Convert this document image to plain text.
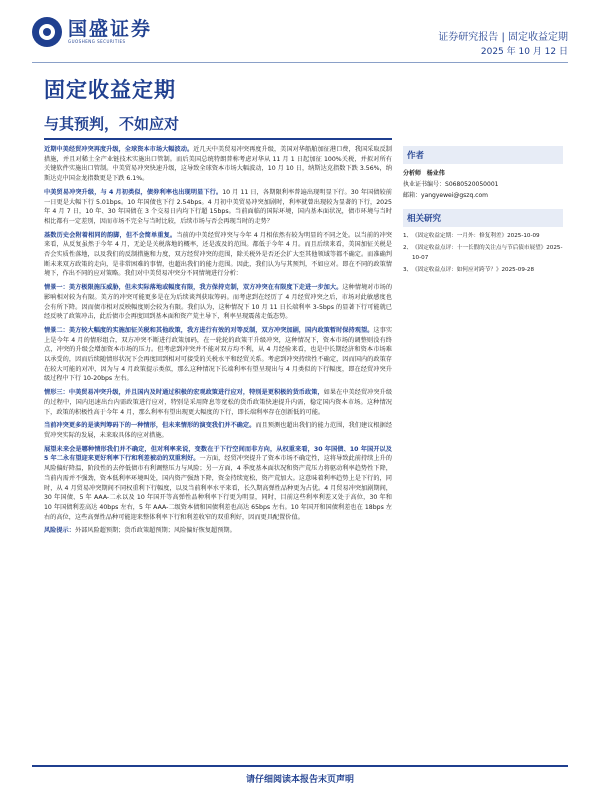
国盛证券
GUOSHENG SECURITIES	证券研究报告 | 固定收益定期
2025 年 10 月 12 日
固定收益定期
与其预判，不如应对

近期中美经贸冲突再度升级，全球资本市场大幅波动。近几天中美贸易冲突再度升级，美国对华船舶加征港口费，我国采取反制措施，并且对稀土全产业链技术实施出口管制。而后美国总统特朗普称考虑对华从 11 月 1 日起加征 100%关税，并拟对所有关键软件实施出口管制。中美贸易冲突快速升级，这导致全球资本市场大幅波动，10 月 10 日，纳斯达克指数下跌 3.56%，纳斯达克中国金龙指数更是下跌 6.1%。

中美贸易冲突升级，与 4 月初类似，债券利率也出现明显下行。10 月 11 日，各期限利率普遍出现明显下行。30 年国债较前一日更是大幅下行 5.01bps。10 年国债也下行 2.54bps。4 月初中美贸易冲突加剧时，利率就曾出现较为显著的下行，2025 年 4 月 7 日，10 年、30 年国债在 3 个交易日内均下行超 15bps。当前面临的国际环境，国内基本面状况，债市环境与当时相比都有一定差别，因而市场不完全与当时比较，后续市场与否会再现当时的走势？

基数历史会附着相同的韵脚，但不会简单重复。当前的中美经贸冲突与今年 4 月相依然有较为明显的不同之处。以当前的冲突来看，从反复虽然于今年 4 月，无论是关税落地的概率，还是波及的范围。都低于今年 4 月。而且后续来看，美国加征关税是否会实质性落地，以及我们的反制措施和力度，双方经贸冲突的范围，除关税外是否还会扩大至其他领域等都不确定。而准确判断未来双方政策的走向，是非常困难的事情，也超出我们的能力范围。因此，我们认为与其预判，不如应对。即在不同的政策情境下，作出不同的应对策略。我们对中美贸易冲突分不同情境进行分析：

情景一：美方极限施压威胁，但未实际落地或幅度有限，我方保持克制，双方冲突在有限度下走进一步加大。这种情境对市场的影响相对较为有限。美方的冲突可能更多是在为后续谈判获取筹码。而考虑到在经历了 4 月经贸冲突之后，市场对此敏感度也会有所下降。因而债市相对反映幅度则会较为有限。我们认为，这种情况下 10 月 11 日长端利率 3-5bps 的显著下行可能就已经反映了政策冲击，此后债市会再度回到基本面和资产荒主导下，利率呈现震荡走低态势。

情景二：美方较大幅度的实施加征关税和其他政策，我方进行有效的对等反制，双方冲突加剧，国内政策暂时保持观望。这事实上是今年 4 月的情形组合，双方冲突不断进行政策加码，在一轮轮的政策干升级冲突，这种情况下，资本市场的调整则没有终点，冲突的升级会增加资本市场的压力。但考虑到冲突并不能对双方均不利，从 4 月经验来看，也是中长期经济和资本市场难以承受的，因而后续随情形状况下会再度回到相对可接受的关税水平和经贸关系。考虑到冲突持续性不确定，因而国内的政策存在较大可能的对冲，因为与 4 月政策提示类似，那么这种情况下长端利率有望呈现出与 4 月类似的下行幅度，即在经贸冲突升级过程中下行 10-20bps 左右。

情形三：中美贸易冲突升级，并且国内及时通过积极的宏观政策进行应对，特别是更积极的货币政策，如果在中美经贸冲突升级的过程中，国内迅速出台内需政策进行应对，特别是采用降息等宽松的货币政策快速提升内需，稳定国内资本市场。这种情况下，政策的积极性高于今年 4 月，那么利率有望出现更大幅度的下行，即长端利率存在创新低的可能。

当前冲突更多的是谈判筹码下的一种情形，但未来情形的演变我们并不确定。而且预测也超出我们的能力范围，我们建议根据经贸冲突实际的发展，未来取具体的应对措施。

展望未来会是哪种情形我们并不确定，但对利率来说，变数在于下行空间而非方向，从权重来看，30 年国债、10 年国开以及 5 年二永有望迎来更好利率下行和利差被动的双重利好。一方面，经贸冲突提升了资本市场不确定性，这将导致此前持续上升的风险偏好降温，阶段性的去停低债市有利调整压力与风险；另一方面，4 季度基本面状况和资产荒压力将驱动利率趋势性下降，当前内需并不强劲，资本低利率环境叫处，国内资产强劲下降，资金持续宽松，资产荒加大。这意味着利率趋势上是下行的，同时，从 4 月贸易冲突期间不同权重利下行幅度，以及当前利率水平来看，长久期高弹性品种更为占优。4 月贸易冲突加剧期间，30 年国债、5 年 AAA-二永以及 10 年国开等高弹性品种利率下行更为明显，同时，目前这些利率利差又处于高位，30 年和 10 年国债利差高达 40bps 左右，5 年 AAA-二级资本债和国债利差也高达 65bps 左右。10 年国开和国债利差也在 18bps 左右的高位，这些高弹性品种可能迎来整体利率下行和利差收窄的双重利好，因而更具配置价值。

风险提示：外部风险超预期；货币政策超预期；风险偏好恢复超预期。

作者
分析师 杨业伟
执业证书编号：S0680520050001
邮箱：yangyewei@gszq.com
相关研究
1、 《固定收益定期：一月外：修复利差》2025-10-09
2、 《固定收益点评：十一长假的关注点与节后债市展望》2025-10-07
3、 《固定收益点评：如何应对跨节？》2025-09-28
请仔细阅读本报告末页声明
